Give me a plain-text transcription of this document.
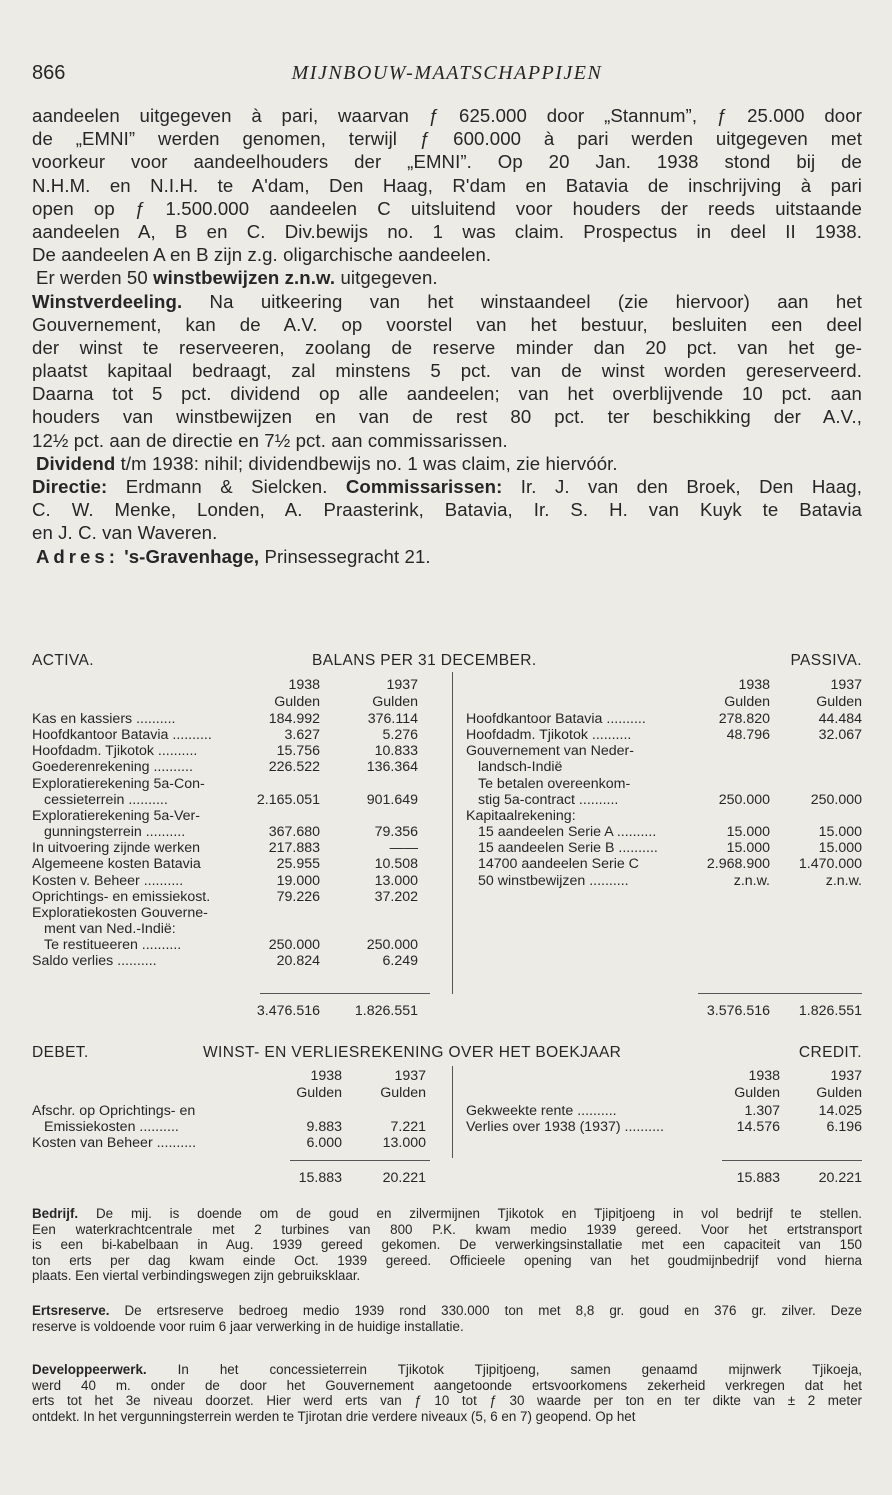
866	MIJNBOUW-MAATSCHAPPIJEN
aandeelen uitgegeven à pari, waarvan ƒ 625.000 door „Stannum”, ƒ 25.000 door
de „EMNI” werden genomen, terwijl ƒ 600.000 à pari werden uitgegeven met
voorkeur voor aandeelhouders der „EMNI”. Op 20 Jan. 1938 stond bij de
N.H.M. en N.I.H. te A'dam, Den Haag, R'dam en Batavia de inschrijving à pari
open op ƒ 1.500.000 aandeelen C uitsluitend voor houders der reeds uitstaande
aandeelen A, B en C. Div.bewijs no. 1 was claim. Prospectus in deel II 1938.
De aandeelen A en B zijn z.g. oligarchische aandeelen.
Er werden 50 winstbewijzen z.n.w. uitgegeven.
Winstverdeeling. Na uitkeering van het winstaandeel (zie hiervoor) aan het
Gouvernement, kan de A.V. op voorstel van het bestuur, besluiten een deel
der winst te reserveeren, zoolang de reserve minder dan 20 pct. van het ge-
plaatst kapitaal bedraagt, zal minstens 5 pct. van de winst worden gereserveerd.
Daarna tot 5 pct. dividend op alle aandeelen; van het overblijvende 10 pct. aan
houders van winstbewijzen en van de rest 80 pct. ter beschikking der A.V.,
12½ pct. aan de directie en 7½ pct. aan commissarissen.
Dividend t/m 1938: nihil; dividendbewijs no. 1 was claim, zie hiervóór.
Directie: Erdmann & Sielcken. Commissarissen: Ir. J. van den Broek, Den Haag,
C. W. Menke, Londen, A. Praasterink, Batavia, Ir. S. H. van Kuyk te Batavia
en J. C. van Waveren.
Adres: 's-Gravenhage, Prinsessegracht 21.
ACTIVA.	BALANS PER 31 DECEMBER.	PASSIVA.
1938	1937
Gulden	Gulden
1938	1937
Gulden	Gulden
Kas en kassiers ..........	184.992	376.114
Hoofdkantoor Batavia ..........	3.627	5.276
Hoofdadm. Tjikotok ..........	15.756	10.833
Goederenrekening ..........	226.522	136.364
Exploratierekening 5a-Con-
cessieterrein ..........	2.165.051	901.649
Exploratierekening 5a-Ver-
gunningsterrein ..........	367.680	79.356
In uitvoering zijnde werken	217.883	——
Algemeene kosten Batavia	25.955	10.508
Kosten v. Beheer ..........	19.000	13.000
Oprichtings- en emissiekost.	79.226	37.202
Exploratiekosten Gouverne-
ment van Ned.-Indië:
Te restitueeren ..........	250.000	250.000
Saldo verlies ..........	20.824	6.249
Hoofdkantoor Batavia ..........	278.820	44.484
Hoofdadm. Tjikotok ..........	48.796	32.067
Gouvernement van Neder-
landsch-Indië
Te betalen overeenkom-
stig 5a-contract ..........	250.000	250.000
Kapitaalrekening:
15 aandeelen Serie A ..........	15.000	15.000
15 aandeelen Serie B ..........	15.000	15.000
14700 aandeelen Serie C	2.968.900	1.470.000
50 winstbewijzen ..........	z.n.w.	z.n.w.
3.476.516	1.826.551	3.576.516	1.826.551
DEBET.	WINST- EN VERLIESREKENING OVER HET BOEKJAAR	CREDIT.
1938	1937
Gulden	Gulden
1938	1937
Gulden	Gulden
Afschr. op Oprichtings- en
Emissiekosten ..........	9.883	7.221
Kosten van Beheer ..........	6.000	13.000
Gekweekte rente ..........	1.307	14.025
Verlies over 1938 (1937) ..........	14.576	6.196
15.883	20.221	15.883	20.221
Bedrijf. De mij. is doende om de goud en zilvermijnen Tjikotok en Tjipitjoeng in vol bedrijf te stellen.
Een waterkrachtcentrale met 2 turbines van 800 P.K. kwam medio 1939 gereed. Voor het ertstransport
is een bi-kabelbaan in Aug. 1939 gereed gekomen. De verwerkingsinstallatie met een capaciteit van 150
ton erts per dag kwam einde Oct. 1939 gereed. Officieele opening van het goudmijnbedrijf vond hierna
plaats. Een viertal verbindingswegen zijn gebruiksklaar.
Ertsreserve. De ertsreserve bedroeg medio 1939 rond 330.000 ton met 8,8 gr. goud en 376 gr. zilver. Deze
reserve is voldoende voor ruim 6 jaar verwerking in de huidige installatie.
Developpeerwerk. In het concessieterrein Tjikotok Tjipitjoeng, samen genaamd mijnwerk Tjikoeja,
werd 40 m. onder de door het Gouvernement aangetoonde ertsvoorkomens zekerheid verkregen dat het
erts tot het 3e niveau doorzet. Hier werd erts van ƒ 10 tot ƒ 30 waarde per ton en ter dikte van ± 2 meter
ontdekt. In het vergunningsterrein werden te Tjirotan drie verdere niveaux (5, 6 en 7) geopend. Op het
